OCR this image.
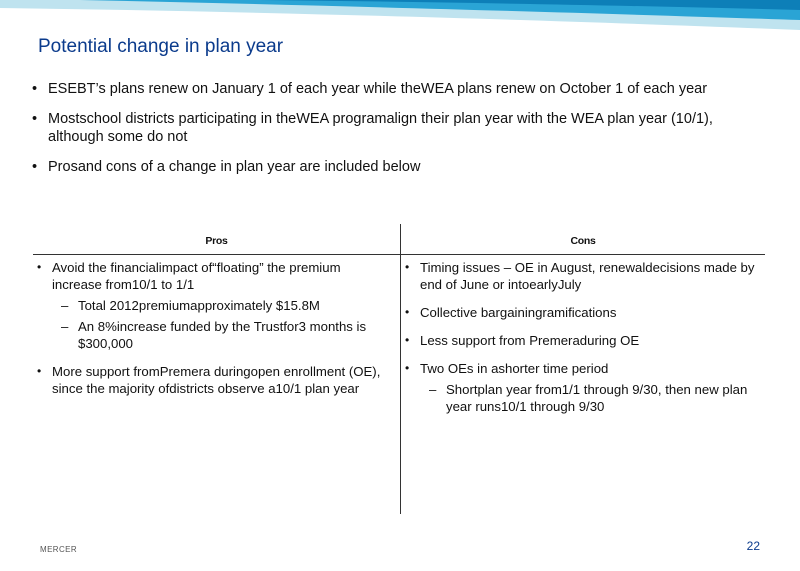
Potential change in plan year
• ESEBT’s plans renew on January 1 of each year while theWEA plans renew on October 1 of each year
• Mostschool districts participating in theWEA programalign their plan year with the WEA plan year (10/1), although some do not
• Prosand cons of a change in plan year are included below
Pros	Cons
• Avoid the financialimpact of“floating” the premium increase from10/1 to 1/1
– Total 2012premiumapproximately $15.8M
– An 8%increase funded by the Trustfor3 months is $300,000
• More support fromPremera duringopen enrollment (OE), since the majority ofdistricts observe a10/1 plan year
• Timing issues – OE in August, renewaldecisions made by end of June or intoearlyJuly
• Collective bargainingramifications
• Less support from Premeraduring OE
• Two OEs in ashorter time period
– Shortplan year from1/1 through 9/30, then new plan year runs10/1 through 9/30
MERCER	22
